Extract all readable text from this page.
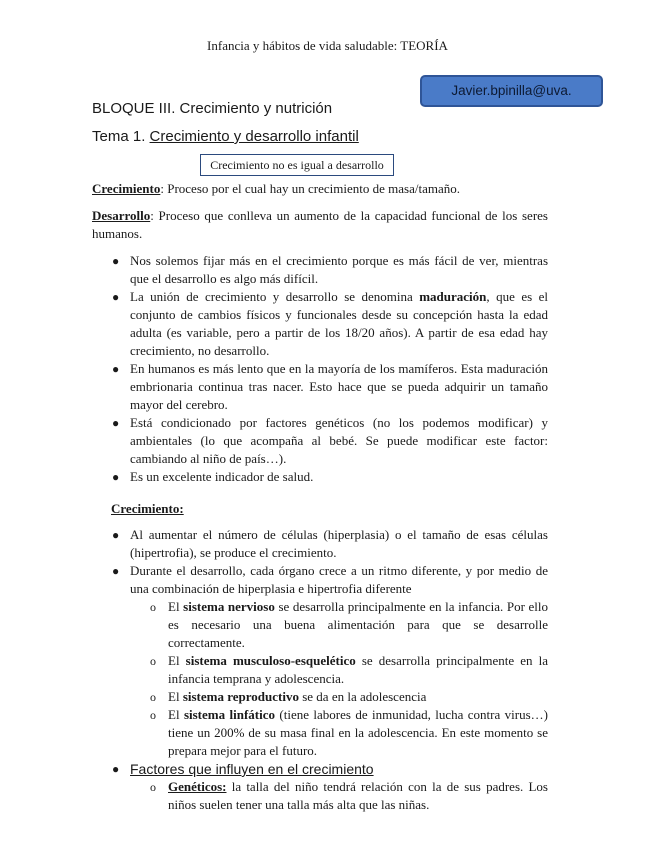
Infancia y hábitos de vida saludable: TEORÍA
Javier.bpinilla@uva.
BLOQUE III. Crecimiento y nutrición
Tema 1. Crecimiento y desarrollo infantil
Crecimiento no es igual a desarrollo
Crecimiento: Proceso por el cual hay un crecimiento de masa/tamaño.
Desarrollo: Proceso que conlleva un aumento de la capacidad funcional de los seres humanos.
● Nos solemos fijar más en el crecimiento porque es más fácil de ver, mientras que el desarrollo es algo más difícil.
● La unión de crecimiento y desarrollo se denomina maduración, que es el conjunto de cambios físicos y funcionales desde su concepción hasta la edad adulta (es variable, pero a partir de los 18/20 años). A partir de esa edad hay crecimiento, no desarrollo.
● En humanos es más lento que en la mayoría de los mamíferos. Esta maduración embrionaria continua tras nacer. Esto hace que se pueda adquirir un tamaño mayor del cerebro.
● Está condicionado por factores genéticos (no los podemos modificar) y ambientales (lo que acompaña al bebé. Se puede modificar este factor: cambiando al niño de país…).
● Es un excelente indicador de salud.
Crecimiento:
● Al aumentar el número de células (hiperplasia) o el tamaño de esas células (hipertrofia), se produce el crecimiento.
● Durante el desarrollo, cada órgano crece a un ritmo diferente, y por medio de una combinación de hiperplasia e hipertrofia diferente
o El sistema nervioso se desarrolla principalmente en la infancia. Por ello es necesario una buena alimentación para que se desarrolle correctamente.
o El sistema musculoso-esquelético se desarrolla principalmente en la infancia temprana y adolescencia.
o El sistema reproductivo se da en la adolescencia
o El sistema linfático (tiene labores de inmunidad, lucha contra virus…) tiene un 200% de su masa final en la adolescencia. En este momento se prepara mejor para el futuro.
● Factores que influyen en el crecimiento
o Genéticos: la talla del niño tendrá relación con la de sus padres. Los niños suelen tener una talla más alta que las niñas.
